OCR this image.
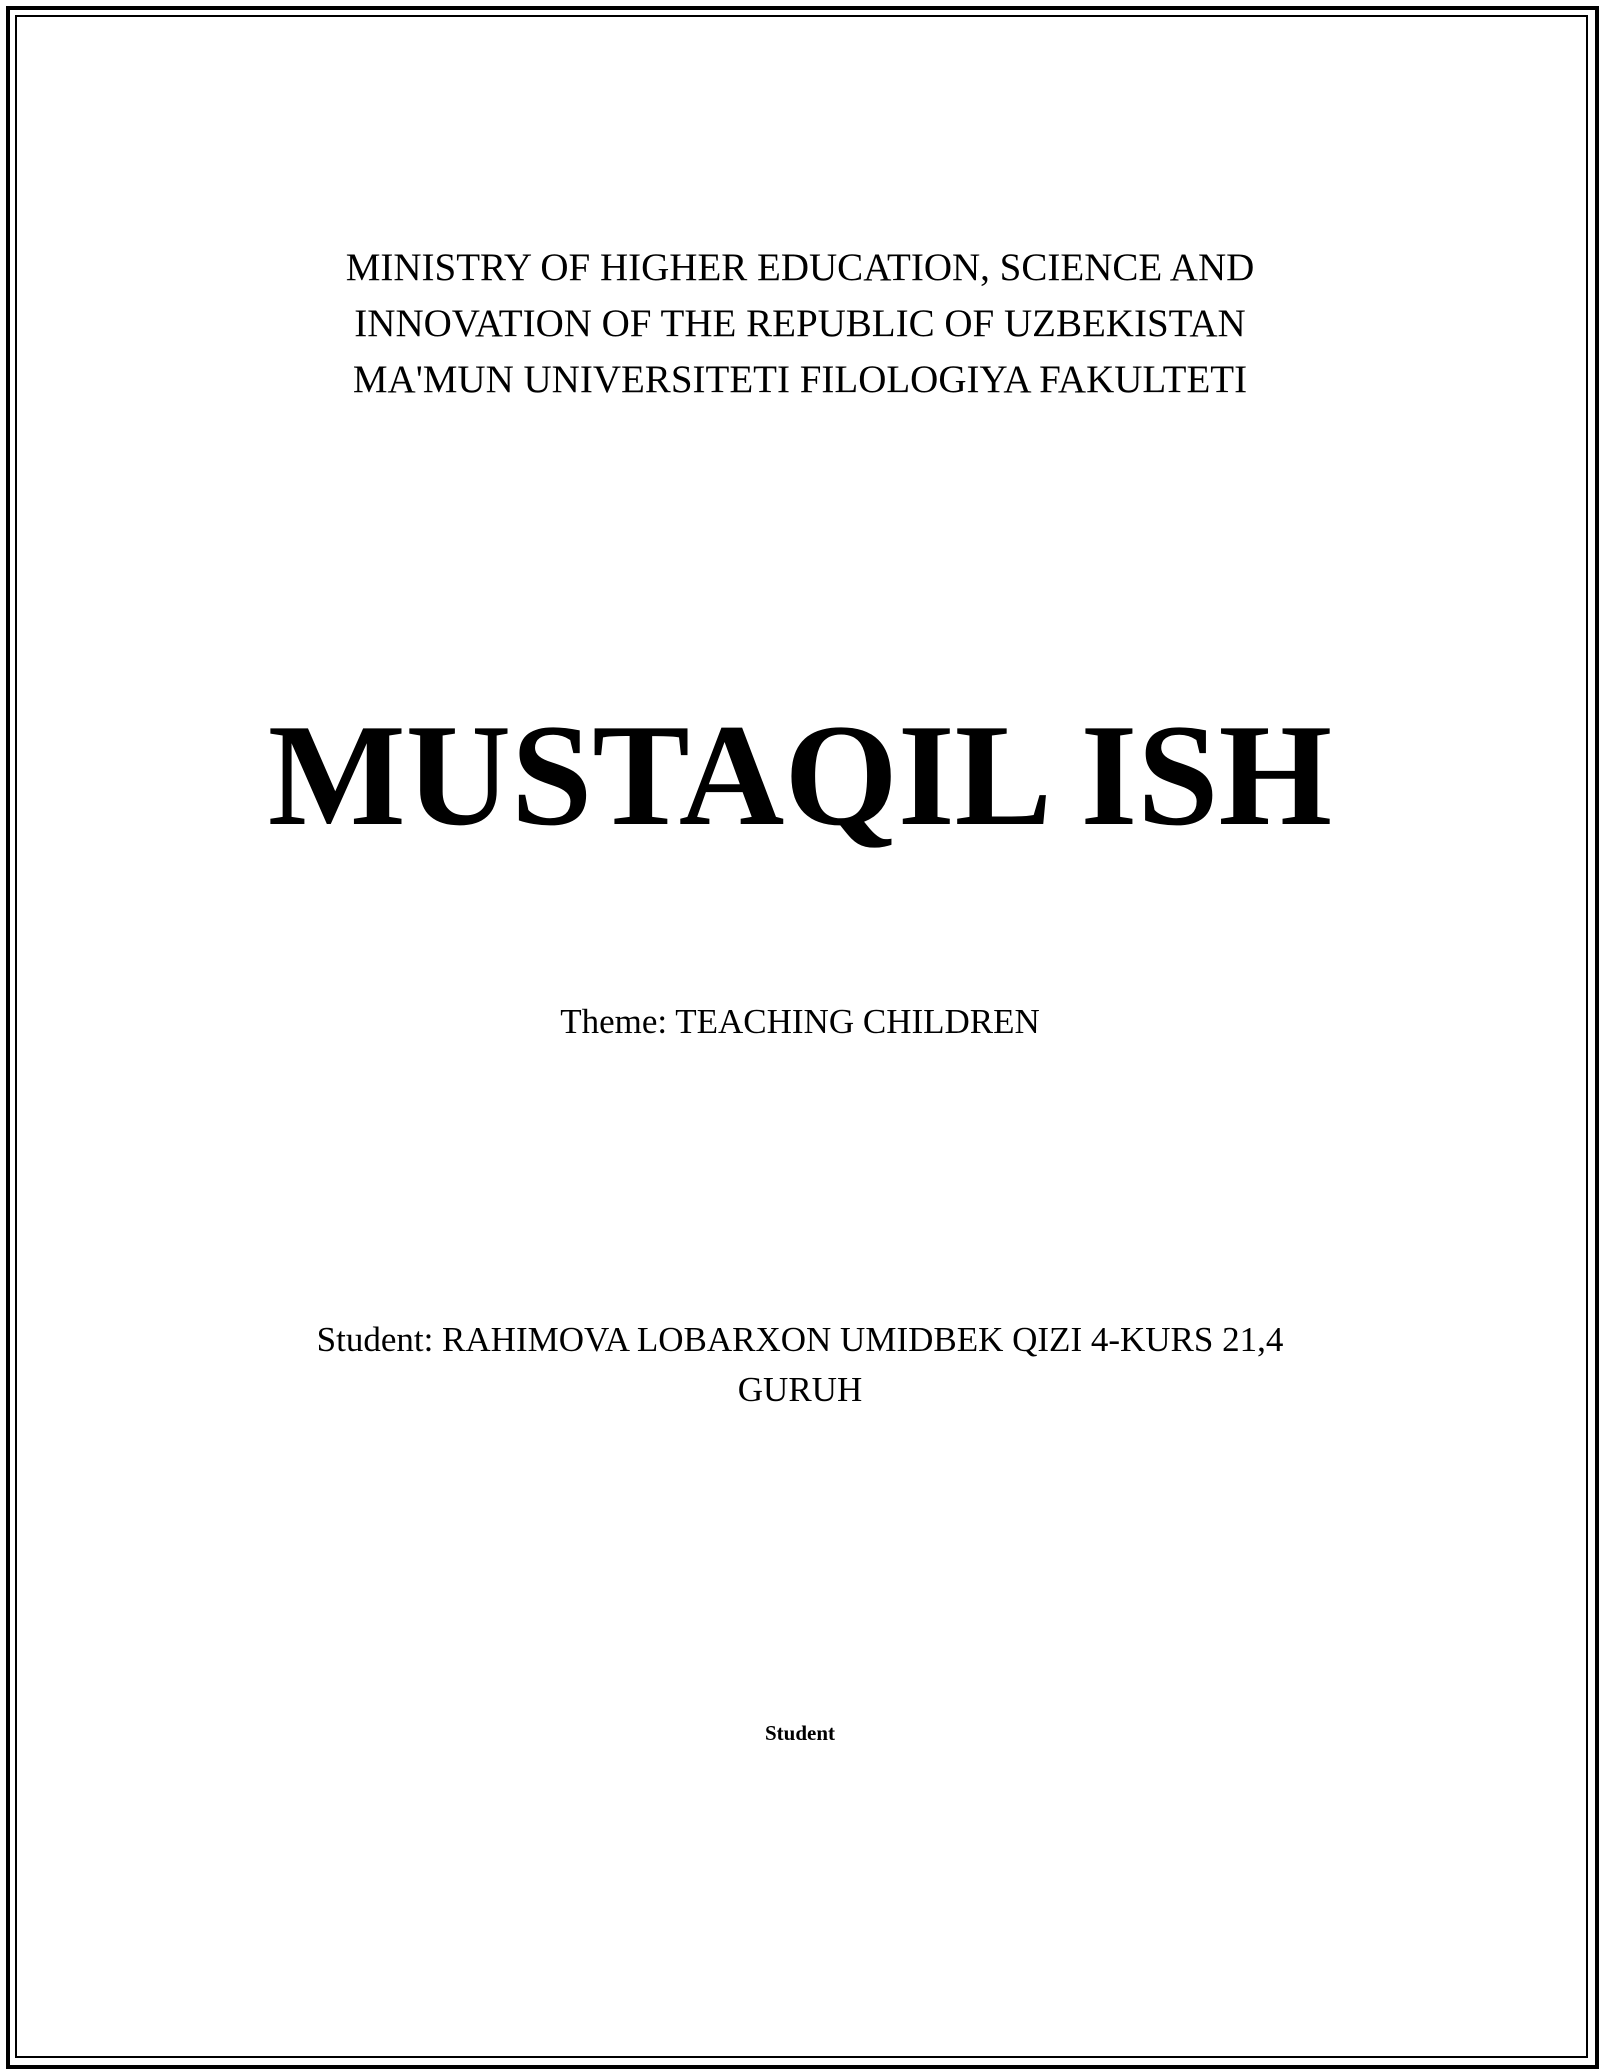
MINISTRY OF HIGHER EDUCATION, SCIENCE AND
INNOVATION OF THE REPUBLIC OF UZBEKISTAN
MA'MUN UNIVERSITETI FILOLOGIYA FAKULTETI
MUSTAQIL ISH
Theme: TEACHING CHILDREN
Student: RAHIMOVA LOBARXON UMIDBEK QIZI 4-KURS 21,4
GURUH
Student
